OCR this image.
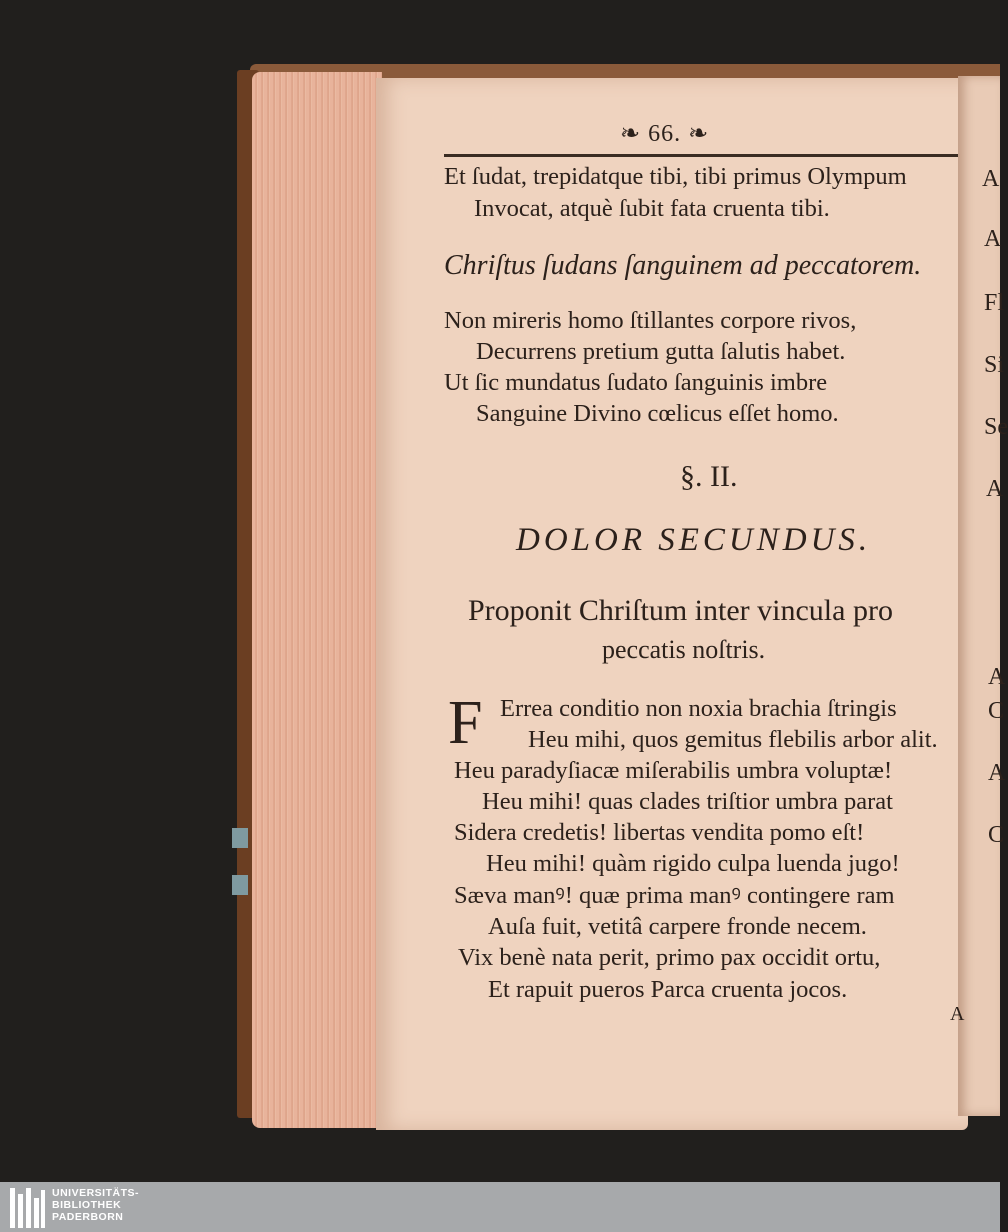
❧ 66. ❧
Et ſudat, trepidatque tibi, tibi primus Olympum
Invocat, atquè ſubit fata cruenta tibi.
Chriſtus ſudans ſanguinem ad peccatorem.
Non mireris homo ſtillantes corpore rivos,
Decurrens pretium gutta ſalutis habet.
Ut ſic mundatus ſudato ſanguinis imbre
Sanguine Divino cœlicus eſſet homo.
§. II.
DOLOR SECUNDUS.
Proponit Chriſtum inter vincula pro
peccatis noſtris.
F Errea conditio non noxia brachia ſtringis
Heu mihi, quos gemitus flebilis arbor alit.
Heu paradyſiacæ miſerabilis umbra voluptæ!
Heu mihi! quas clades triſtior umbra parat
Sidera credetis! libertas vendita pomo eſt!
Heu mihi! quàm rigido culpa luenda jugo!
Sæva manꝰ! quæ prima manꝰ contingere ram
Auſa fuit, vetitâ carpere fronde necem.
Vix benè nata perit, primo pax occidit ortu,
Et rapuit pueros Parca cruenta jocos.
A
A
A
Fl
Si
Se
A
A
C
A
C
UNIVERSITÄTS-
BIBLIOTHEK
PADERBORN
